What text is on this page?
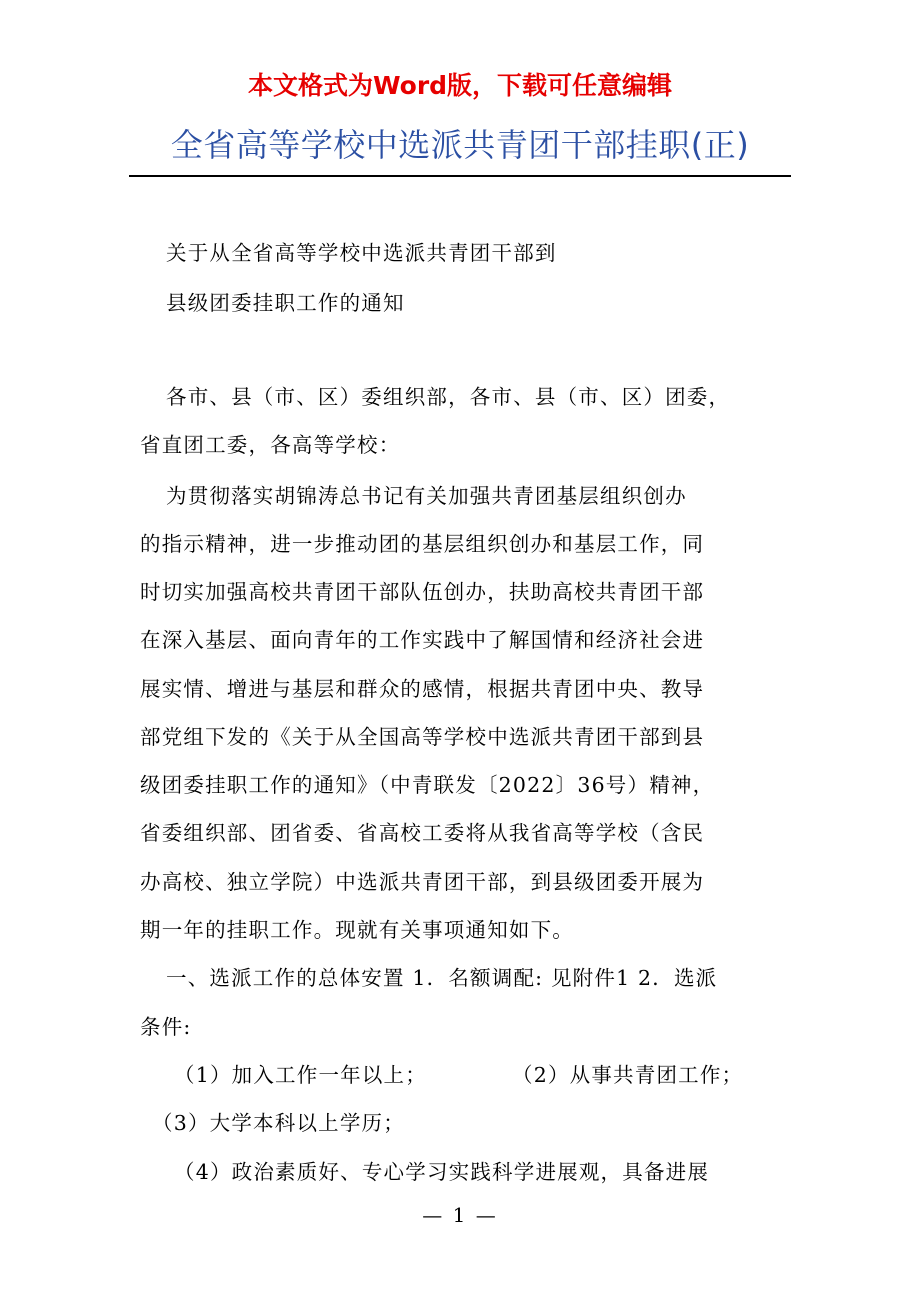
本文格式为Word版，下载可任意编辑
全省高等学校中选派共青团干部挂职(正)
关于从全省高等学校中选派共青团干部到
县级团委挂职工作的通知
各市、县（市、区）委组织部，各市、县（市、区）团委，
省直团工委，各高等学校：
为贯彻落实胡锦涛总书记有关加强共青团基层组织创办
的指示精神，进一步推动团的基层组织创办和基层工作，同
时切实加强高校共青团干部队伍创办，扶助高校共青团干部
在深入基层、面向青年的工作实践中了解国情和经济社会进
展实情、增进与基层和群众的感情，根据共青团中央、教导
部党组下发的《关于从全国高等学校中选派共青团干部到县
级团委挂职工作的通知》（中青联发〔2022〕36号）精神，
省委组织部、团省委、省高校工委将从我省高等学校（含民
办高校、独立学院）中选派共青团干部，到县级团委开展为
期一年的挂职工作。现就有关事项通知如下。
一、选派工作的总体安置 1．名额调配: 见附件1 2．选派
条件:
（1）加入工作一年以上；	（2）从事共青团工作；
（3）大学本科以上学历；
（4）政治素质好、专心学习实践科学进展观，具备进展
— 1 —
